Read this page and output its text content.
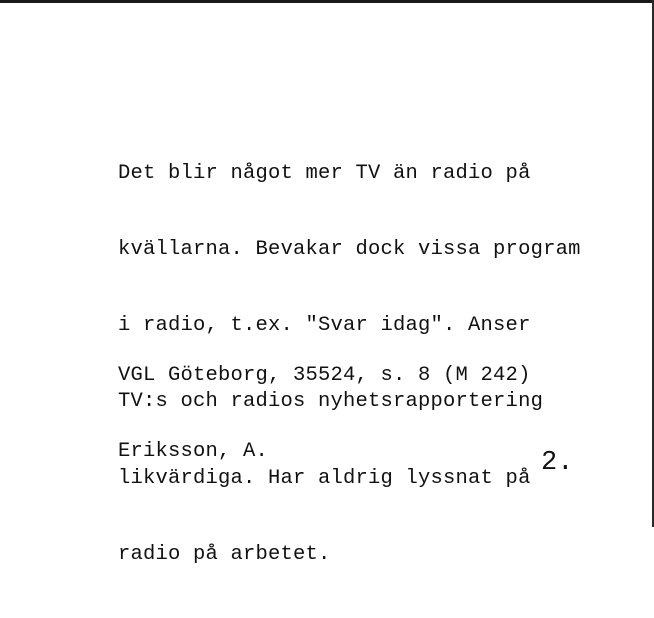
Det blir något mer TV än radio på

kvällarna. Bevakar dock vissa program

i radio, t.ex. "Svar idag". Anser

TV:s och radios nyhetsrapportering

likvärdiga. Har aldrig lyssnat på

radio på arbetet.

VGL Göteborg, 35524, s. 8 (M 242)

Eriksson, A.

	2.
